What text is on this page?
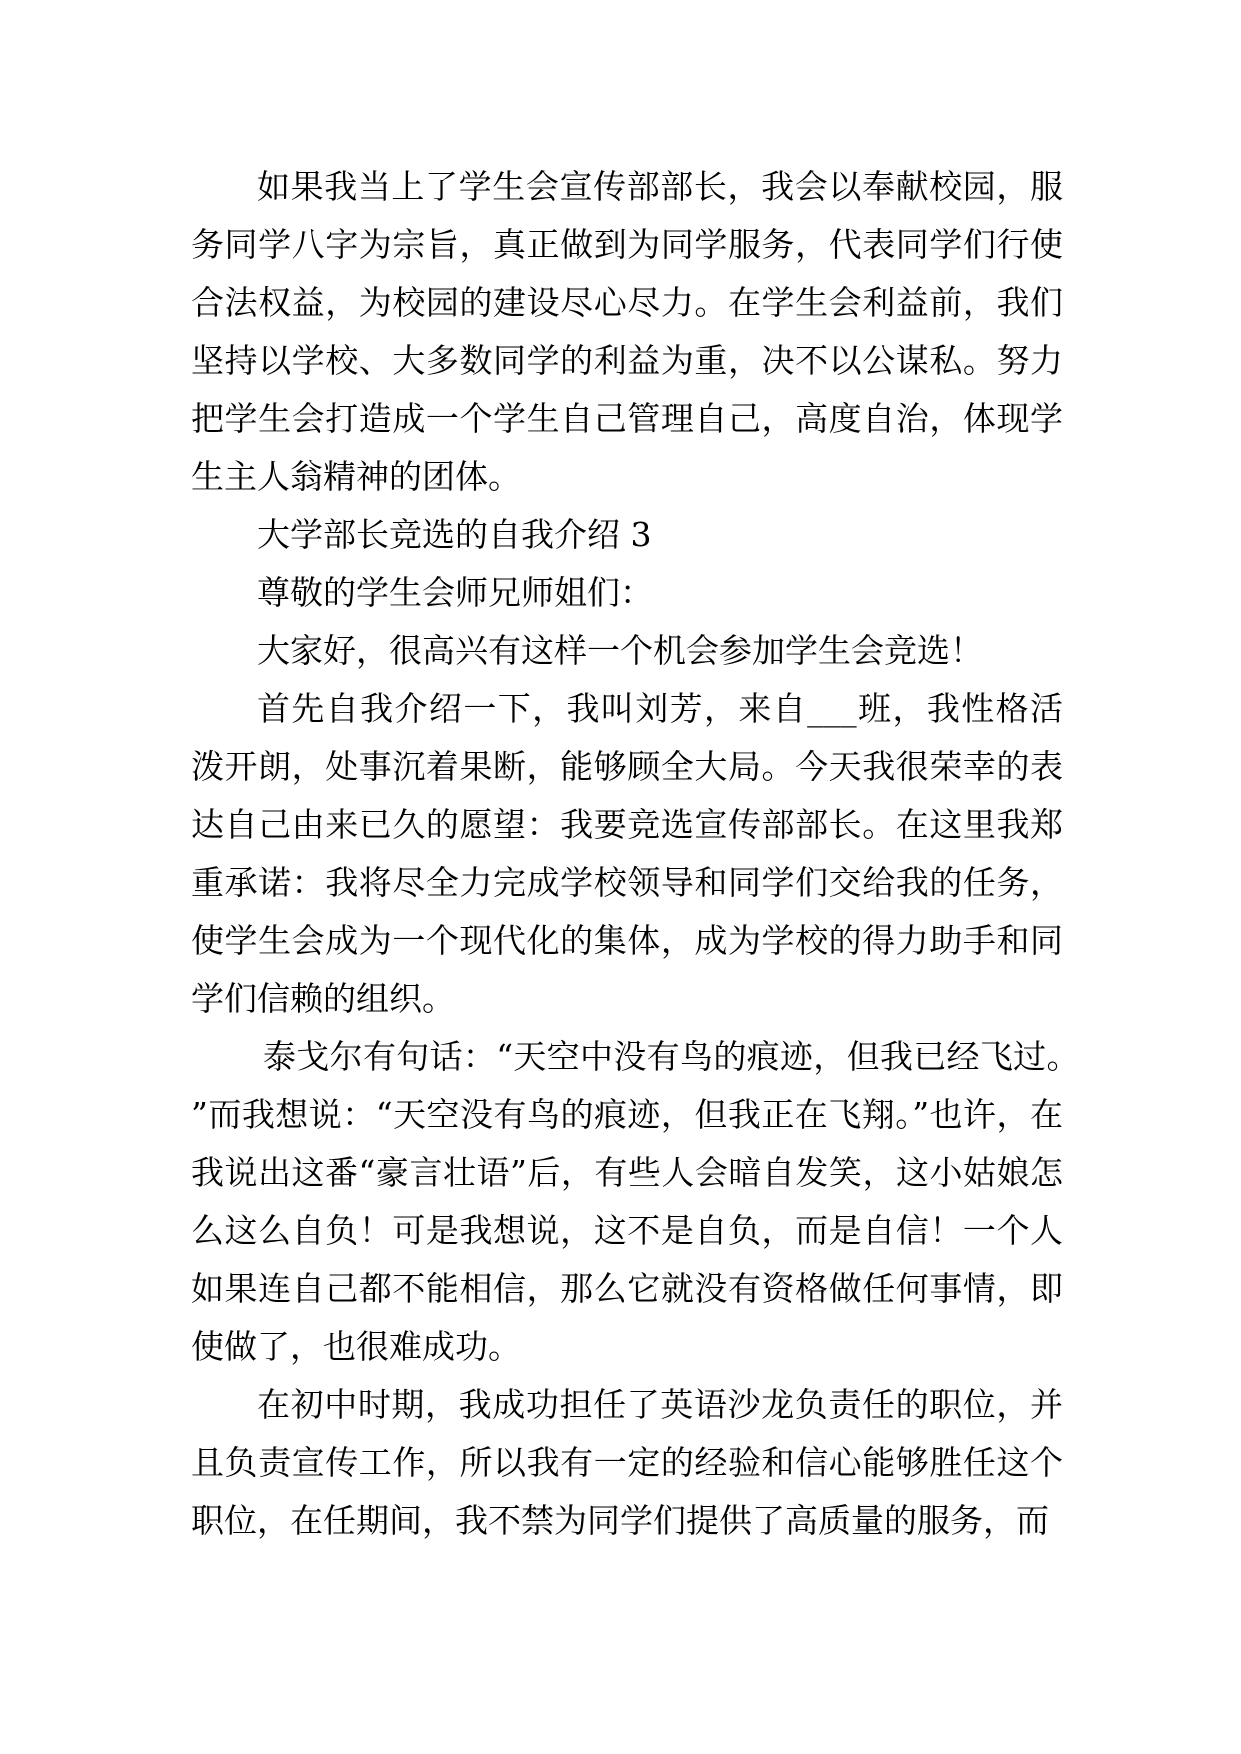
如果我当上了学生会宣传部部长，我会以奉献校园，服务同学八字为宗旨，真正做到为同学服务，代表同学们行使合法权益，为校园的建设尽心尽力。在学生会利益前，我们坚持以学校、大多数同学的利益为重，决不以公谋私。努力把学生会打造成一个学生自己管理自己，高度自治，体现学生主人翁精神的团体。

大学部长竞选的自我介绍 3

尊敬的学生会师兄师姐们：

大家好，很高兴有这样一个机会参加学生会竞选！

首先自我介绍一下，我叫刘芳，来自___班，我性格活泼开朗，处事沉着果断，能够顾全大局。今天我很荣幸的表达自己由来已久的愿望：我要竞选宣传部部长。在这里我郑重承诺：我将尽全力完成学校领导和同学们交给我的任务，使学生会成为一个现代化的集体，成为学校的得力助手和同学们信赖的组织。

泰戈尔有句话：“天空中没有鸟的痕迹，但我已经飞过。”而我想说：“天空没有鸟的痕迹，但我正在飞翔。”也许，在我说出这番“豪言壮语”后，有些人会暗自发笑，这小姑娘怎么这么自负！可是我想说，这不是自负，而是自信！一个人如果连自己都不能相信，那么它就没有资格做任何事情，即使做了，也很难成功。

在初中时期，我成功担任了英语沙龙负责任的职位，并且负责宣传工作，所以我有一定的经验和信心能够胜任这个职位，在任期间，我不禁为同学们提供了高质量的服务，而
